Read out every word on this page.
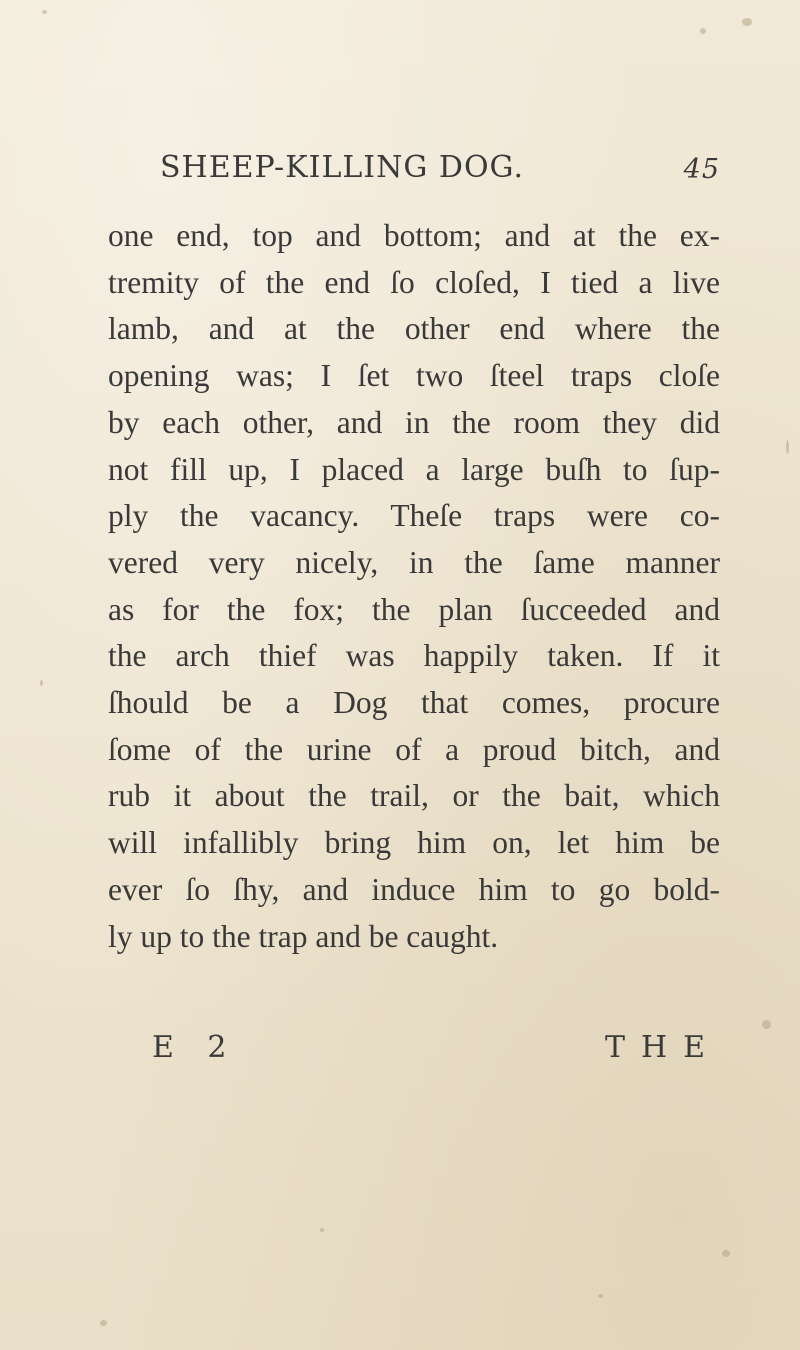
SHEEP-KILLING DOG.	45
one end, top and bottom; and at the ex-
tremity of the end ſo cloſed, I tied a live
lamb, and at the other end where the
opening was; I ſet two ſteel traps cloſe
by each other, and in the room they did
not fill up, I placed a large buſh to ſup-
ply the vacancy. Theſe traps were co-
vered very nicely, in the ſame manner
as for the fox; the plan ſucceeded and
the arch thief was happily taken. If it
ſhould be a Dog that comes, procure
ſome of the urine of a proud bitch, and
rub it about the trail, or the bait, which
will infallibly bring him on, let him be
ever ſo ſhy, and induce him to go bold-
ly up to the trap and be caught.
E 2	THE
